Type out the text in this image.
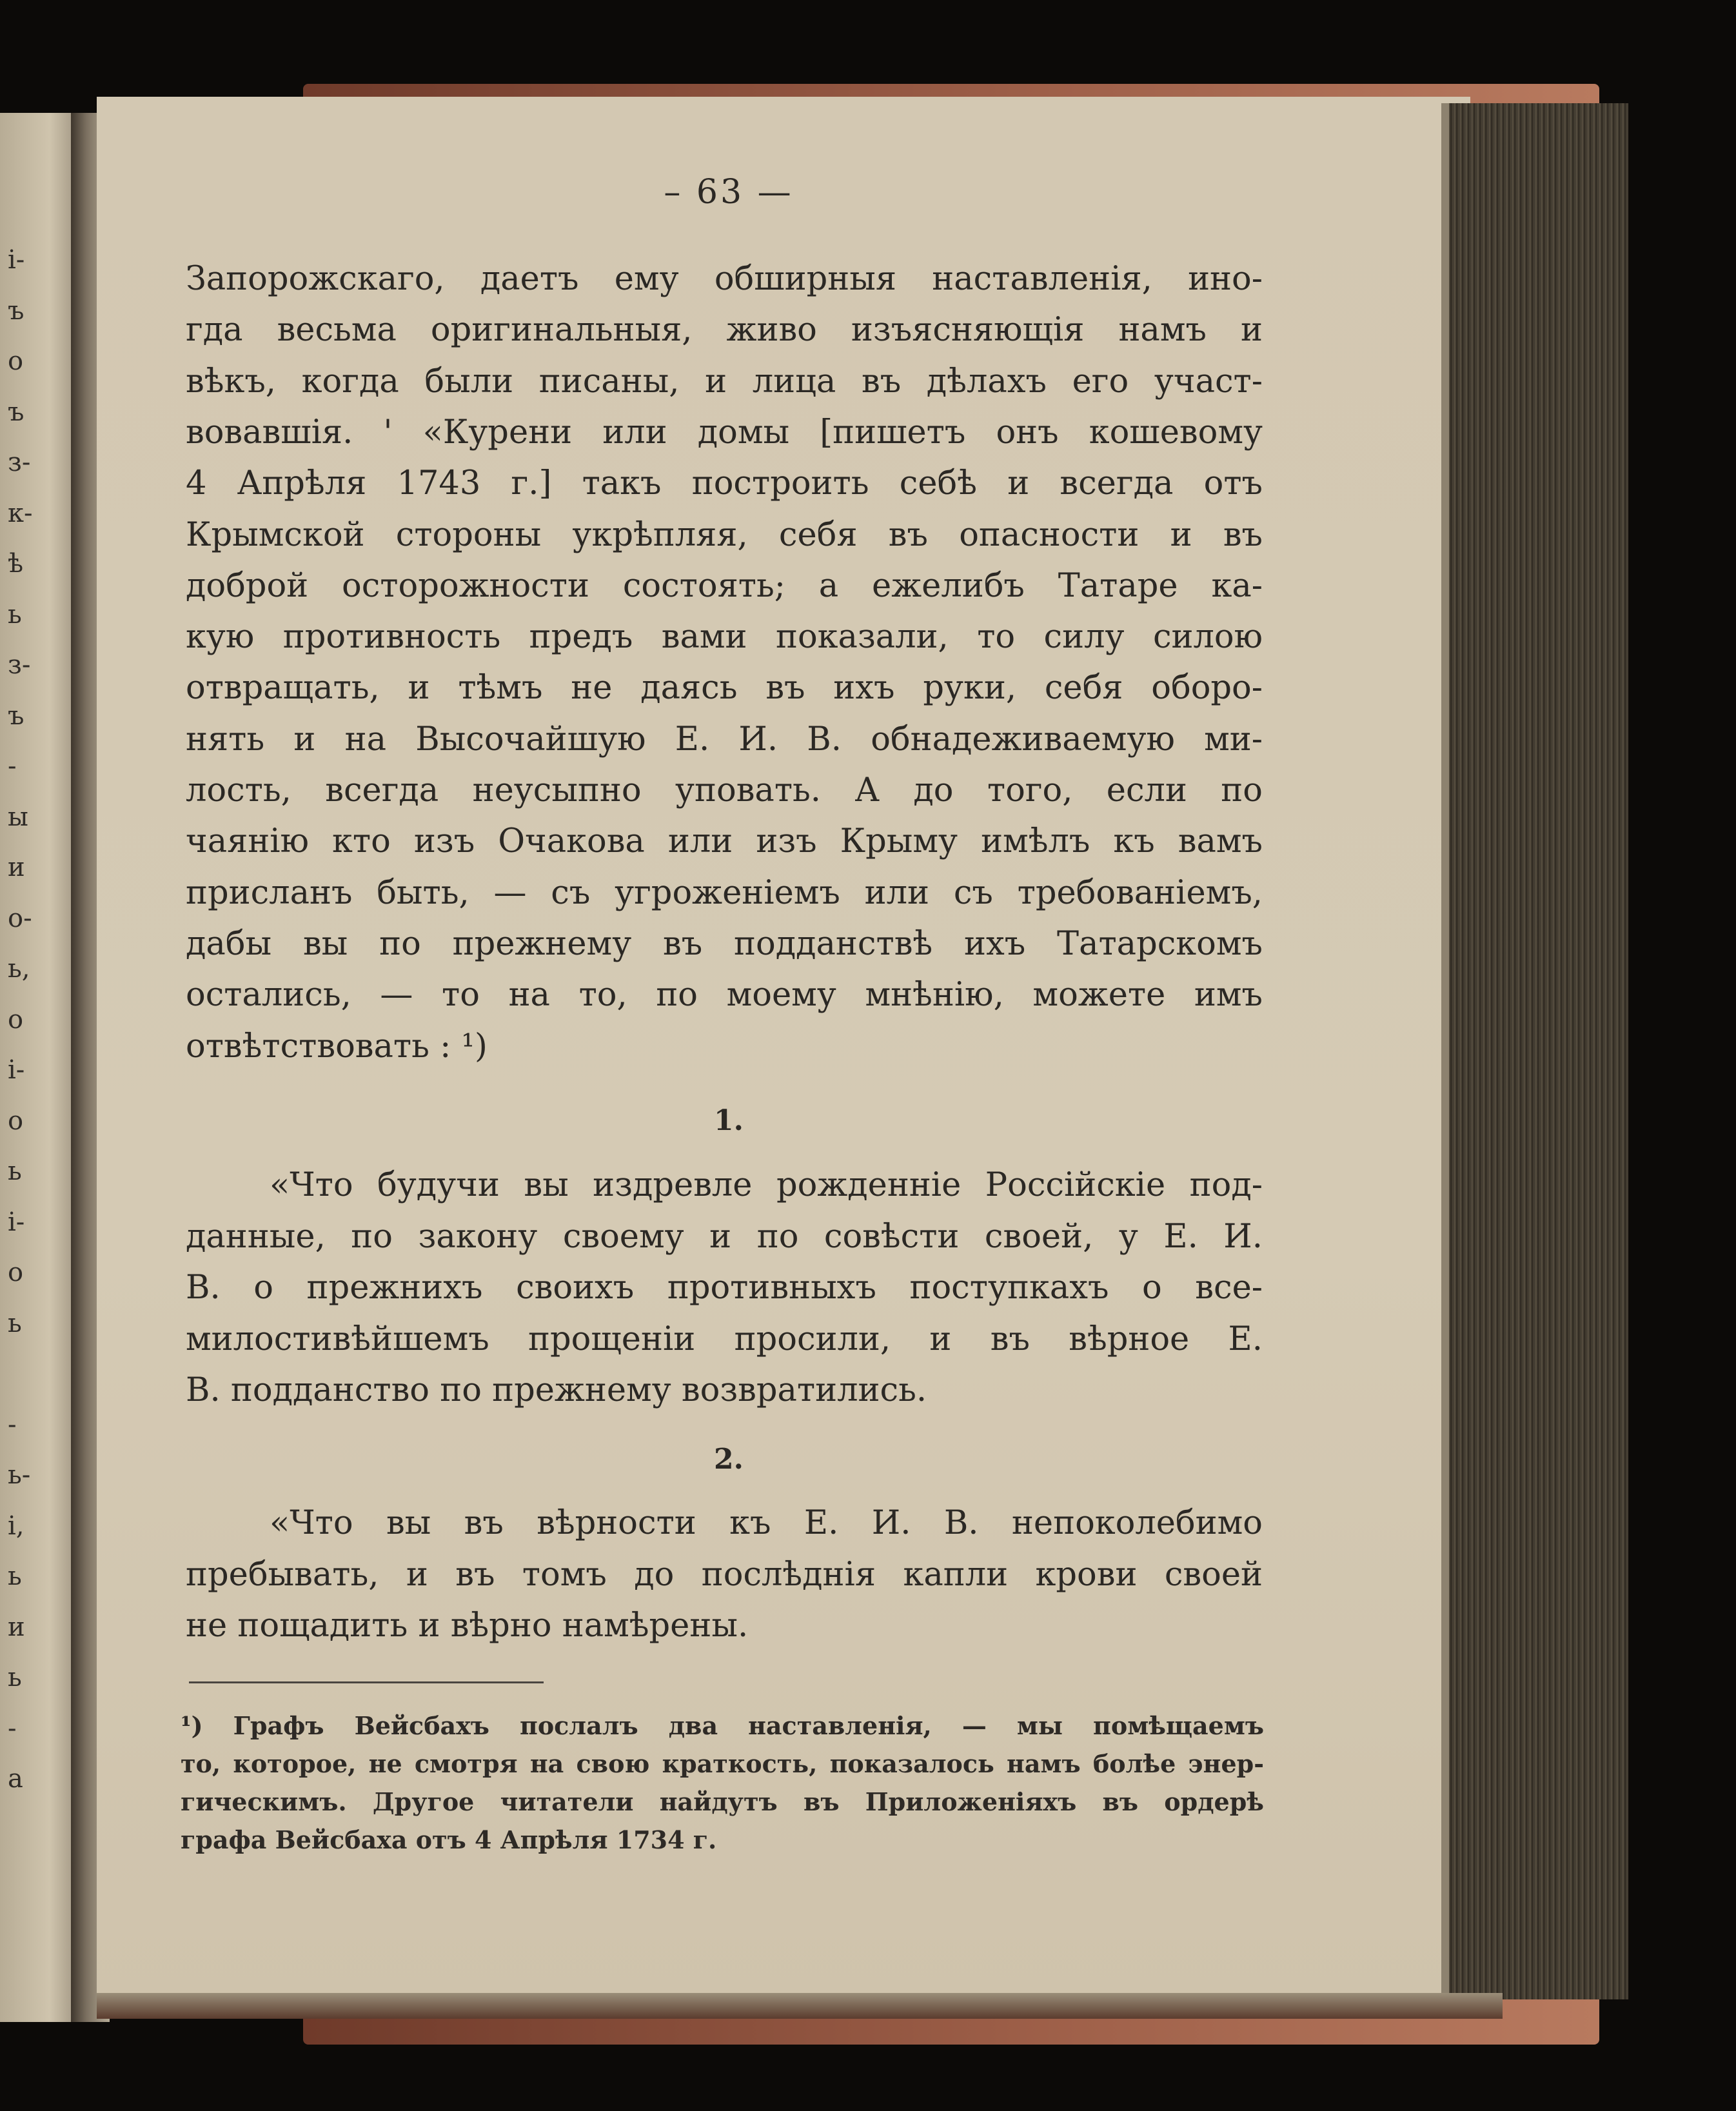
і-
ъ
о
ъ
з-
к-
ѣ
ь
з-
ъ
-
ы
и
о-
ь,
о
і-
о
ь
і-
о
ь
-
ь-
і,
ь
и
ь
-
а
– 63 —
Запорожскаго, даетъ ему обширныя наставленія, ино-
гда весьма оригинальныя, живо изъясняющія намъ и
вѣкъ, когда были писаны, и лица въ дѣлахъ его участ-
вовавшія. ' «Курени или домы [пишетъ онъ кошевому
4 Апрѣля 1743 г.] такъ построить себѣ и всегда отъ
Крымской стороны укрѣпляя, себя въ опасности и въ
доброй осторожности состоять; а ежелибъ Татаре ка-
кую противность предъ вами показали, то силу силою
отвращать, и тѣмъ не даясь въ ихъ руки, себя оборо-
нять и на Высочайшую Е. И. В. обнадеживаемую ми-
лость, всегда неусыпно уповать. А до того, если по
чаянію кто изъ Очакова или изъ Крыму имѣлъ къ вамъ
присланъ быть, — съ угроженіемъ или съ требованіемъ,
дабы вы по прежнему въ подданствѣ ихъ Татарскомъ
остались, — то на то, по моему мнѣнію, можете имъ
отвѣтствовать : ¹)
1.
«Что будучи вы издревле рожденніе Россійскіе под-
данные, по закону своему и по совѣсти своей, у Е. И.
В. о прежнихъ своихъ противныхъ поступкахъ о все-
милостивѣйшемъ прощеніи просили, и въ вѣрное Е.
В. подданство по прежнему возвратились.
2.
«Что вы въ вѣрности къ Е. И. В. непоколебимо
пребывать, и въ томъ до послѣднія капли крови своей
не пощадить и вѣрно намѣрены.
¹) Графъ Вейсбахъ послалъ два наставленія, — мы помѣщаемъ
то, которое, не смотря на свою краткость, показалось намъ болѣе энер-
гическимъ. Другое читатели найдутъ въ Приложеніяхъ въ ордерѣ
графа Вейсбаха отъ 4 Апрѣля 1734 г.
